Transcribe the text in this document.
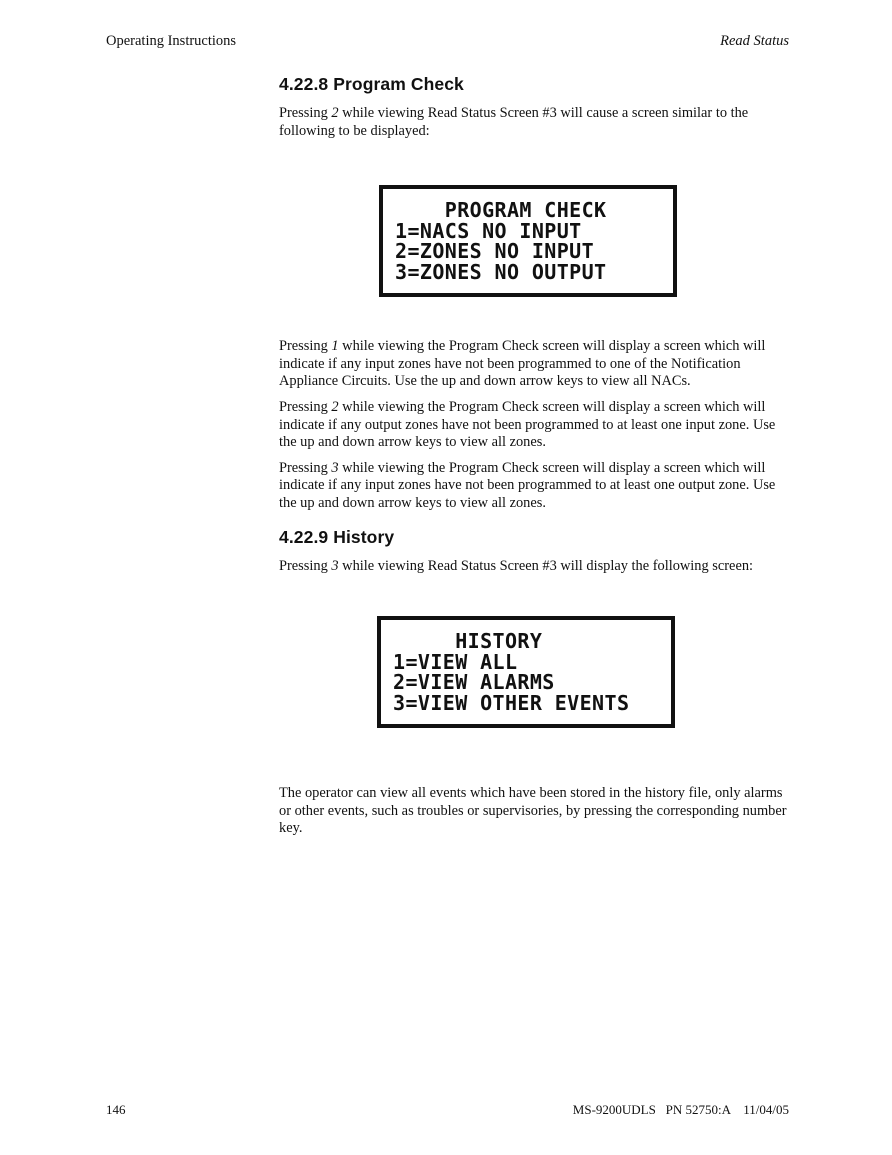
Operating Instructions	Read Status
4.22.8 Program Check

Pressing 2 while viewing Read Status Screen #3 will cause a screen similar to the following to be displayed:

PROGRAM CHECK
1=NACS NO INPUT
2=ZONES NO INPUT
3=ZONES NO OUTPUT

Pressing 1 while viewing the Program Check screen will display a screen which will indicate if any input zones have not been programmed to one of the Notification Appliance Circuits. Use the up and down arrow keys to view all NACs.

Pressing 2 while viewing the Program Check screen will display a screen which will indicate if any output zones have not been programmed to at least one input zone. Use the up and down arrow keys to view all zones.

Pressing 3 while viewing the Program Check screen will display a screen which will indicate if any input zones have not been programmed to at least one output zone. Use the up and down arrow keys to view all zones.

4.22.9 History

Pressing 3 while viewing Read Status Screen #3 will display the following screen:

HISTORY
1=VIEW ALL
2=VIEW ALARMS
3=VIEW OTHER EVENTS

The operator can view all events which have been stored in the history file, only alarms or other events, such as troubles or supervisories, by pressing the corresponding number key.

146	MS-9200UDLS   PN 52750:A    11/04/05
